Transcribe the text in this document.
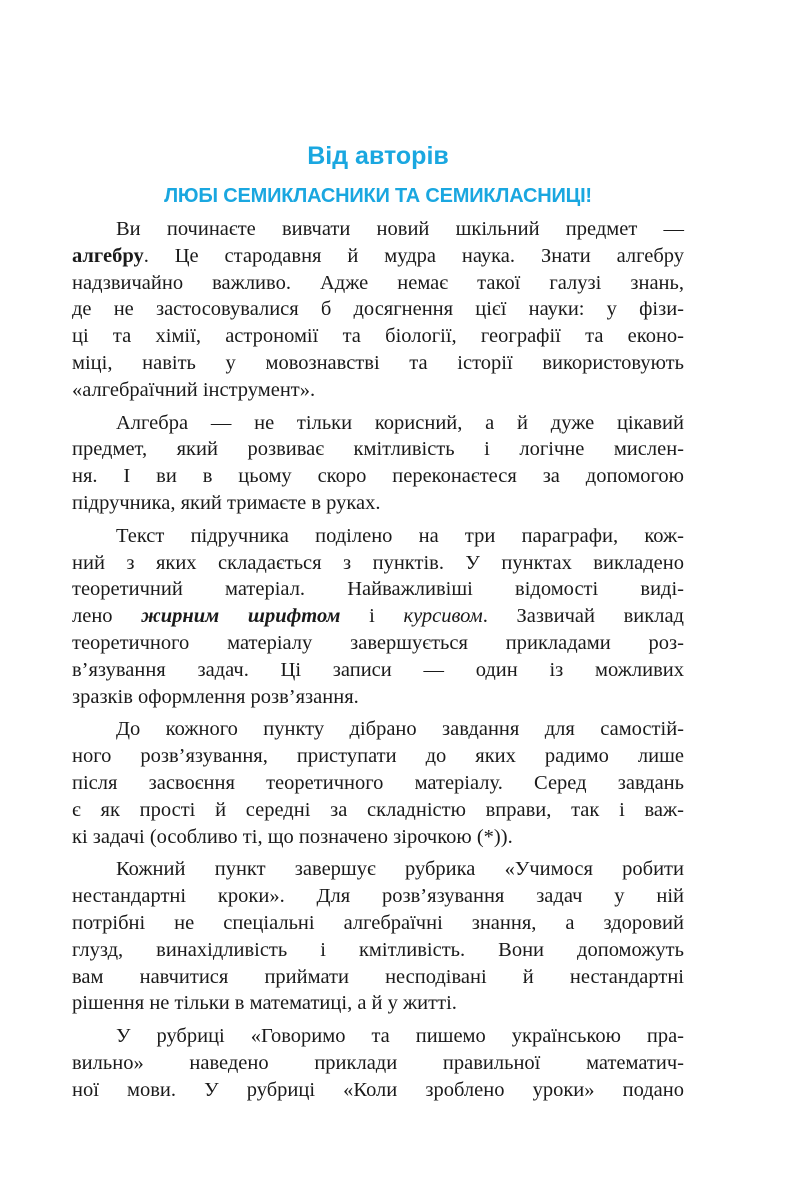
Від авторів
ЛЮБІ СЕМИКЛАСНИКИ ТА СЕМИКЛАСНИЦІ!

Ви починаєте вивчати новий шкільний предмет —
алгебру. Це стародавня й мудра наука. Знати алгебру
надзвичайно важливо. Адже немає такої галузі знань,
де не застосовувалися б досягнення цієї науки: у фізи-
ці та хімії, астрономії та біології, географії та еконо-
міці, навіть у мовознавстві та історії використовують
«алгебраїчний інструмент».

Алгебра — не тільки корисний, а й дуже цікавий
предмет, який розвиває кмітливість і логічне мислен-
ня. І ви в цьому скоро переконаєтеся за допомогою
підручника, який тримаєте в руках.

Текст підручника поділено на три параграфи, кож-
ний з яких складається з пунктів. У пунктах викладено
теоретичний матеріал. Найважливіші відомості виді-
лено жирним шрифтом і курсивом. Зазвичай виклад
теоретичного матеріалу завершується прикладами роз-
в’язування задач. Ці записи — один із можливих
зразків оформлення розв’язання.

До кожного пункту дібрано завдання для самостій-
ного розв’язування, приступати до яких радимо лише
після засвоєння теоретичного матеріалу. Серед завдань
є як прості й середні за складністю вправи, так і важ-
кі задачі (особливо ті, що позначено зірочкою (*)).

Кожний пункт завершує рубрика «Учимося робити
нестандартні кроки». Для розв’язування задач у ній
потрібні не спеціальні алгебраїчні знання, а здоровий
глузд, винахідливість і кмітливість. Вони допоможуть
вам навчитися приймати несподівані й нестандартні
рішення не тільки в математиці, а й у житті.

У рубриці «Говоримо та пишемо українською пра-
вильно» наведено приклади правильної математич-
ної мови. У рубриці «Коли зроблено уроки» подано
